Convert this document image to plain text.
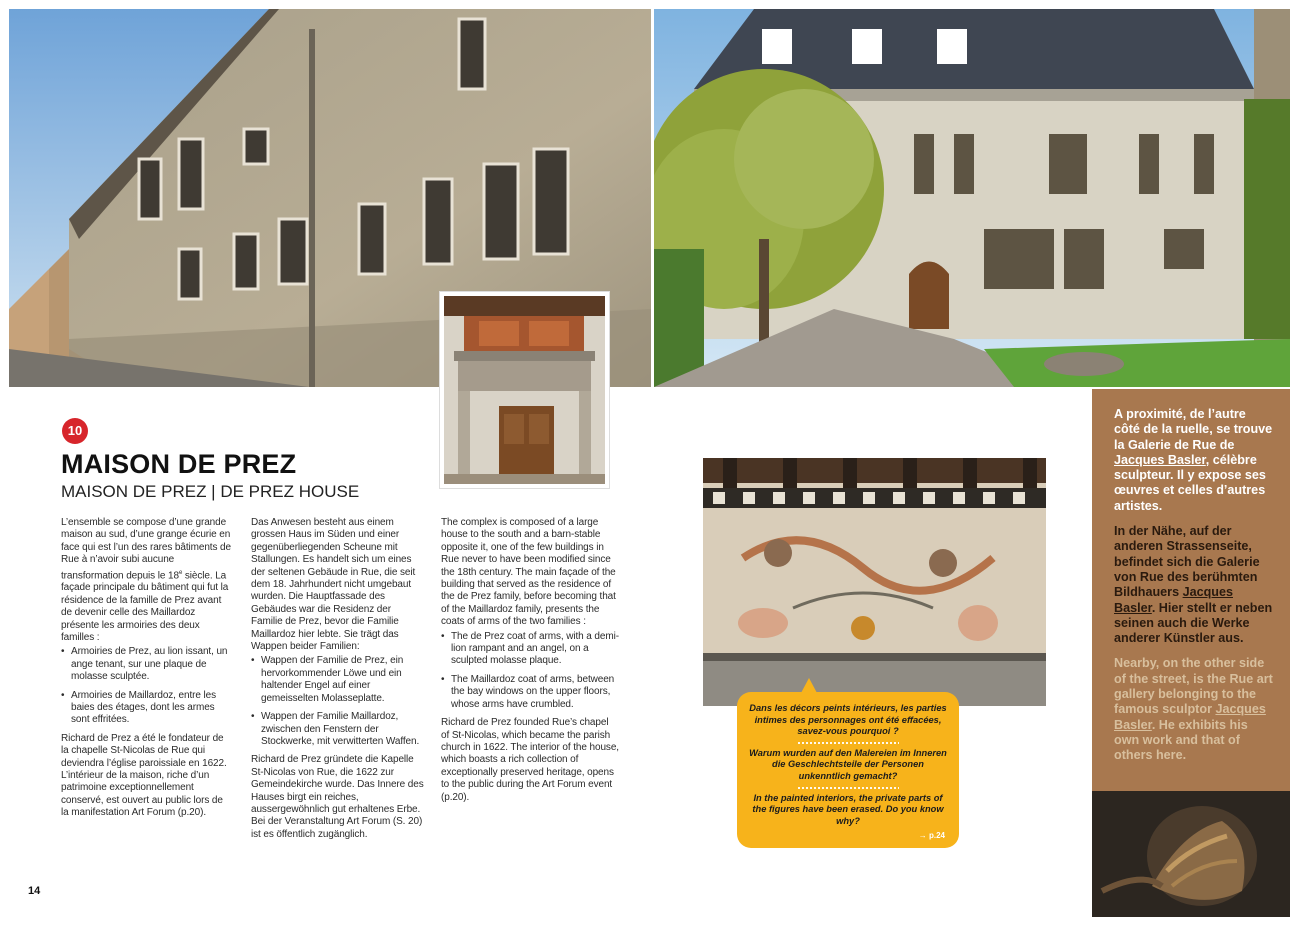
10
MAISON DE PREZ
MAISON DE PREZ | DE PREZ HOUSE

L’ensemble se compose d’une grande maison au sud, d’une grange écurie en face qui est l’un des rares bâtiments de Rue à n’avoir subi aucune transformation depuis le 18e siècle. La façade principale du bâtiment qui fut la résidence de la famille de Prez avant de devenir celle des Maillardoz présente les armoiries des deux familles :

• Armoiries de Prez, au lion issant, un ange tenant, sur une plaque de molasse sculptée.
• Armoiries de Maillardoz, entre les baies des étages, dont les armes sont effritées.

Richard de Prez a été le fondateur de la chapelle St-Nicolas de Rue qui deviendra l’église paroissiale en 1622. L’intérieur de la maison, riche d’un patrimoine exceptionnellement conservé, est ouvert au public lors de la manifestation Art Forum (p.20).

Das Anwesen besteht aus einem grossen Haus im Süden und einer gegenüberliegenden Scheune mit Stallungen. Es handelt sich um eines der seltenen Gebäude in Rue, die seit dem 18. Jahrhundert nicht umgebaut wurden. Die Hauptfassade des Gebäudes war die Residenz der Familie de Prez, bevor die Familie Maillardoz hier lebte. Sie trägt das Wappen beider Familien:

• Wappen der Familie de Prez, ein hervorkommender Löwe und ein haltender Engel auf einer gemeisselten Molasseplatte.
• Wappen der Familie Maillardoz, zwischen den Fenstern der Stockwerke, mit verwitterten Waffen.

Richard de Prez gründete die Kapelle St-Nicolas von Rue, die 1622 zur Gemeindekirche wurde. Das Innere des Hauses birgt ein reiches, aussergewöhnlich gut erhaltenes Erbe. Bei der Veranstaltung Art Forum (S. 20) ist es öffentlich zugänglich.

The complex is composed of a large house to the south and a barn-stable opposite it, one of the few buildings in Rue never to have been modified since the 18th century. The main façade of the building that served as the residence of the de Prez family, before becoming that of the Maillardoz family, presents the coats of arms of the two families :

• The de Prez coat of arms, with a demi-lion rampant and an angel, on a sculpted molasse plaque.
• The Maillardoz coat of arms, between the bay windows on the upper floors, whose arms have crumbled.

Richard de Prez founded Rue’s chapel of St-Nicolas, which became the parish church in 1622. The interior of the house, which boasts a rich collection of exceptionally preserved heritage, opens to the public during the Art Forum event (p.20).

Dans les décors peints intérieurs, les parties intimes des personnages ont été effacées, savez-vous pourquoi ?
Warum wurden auf den Malereien im Inneren die Geschlechtsteile der Personen unkenntlich gemacht?
In the painted interiors, the private parts of the figures have been erased. Do you know why?
→ p.24

A proximité, de l’autre côté de la ruelle, se trouve la Galerie de Rue de Jacques Basler, célèbre sculpteur. Il y expose ses œuvres et celles d’autres artistes.

In der Nähe, auf der anderen Strassenseite, befindet sich die Galerie von Rue des berühmten Bildhauers Jacques Basler. Hier stellt er neben seinen auch die Werke anderer Künstler aus.

Nearby, on the other side of the street, is the Rue art gallery belonging to the famous sculptor Jacques Basler. He exhibits his own work and that of others here.

14
